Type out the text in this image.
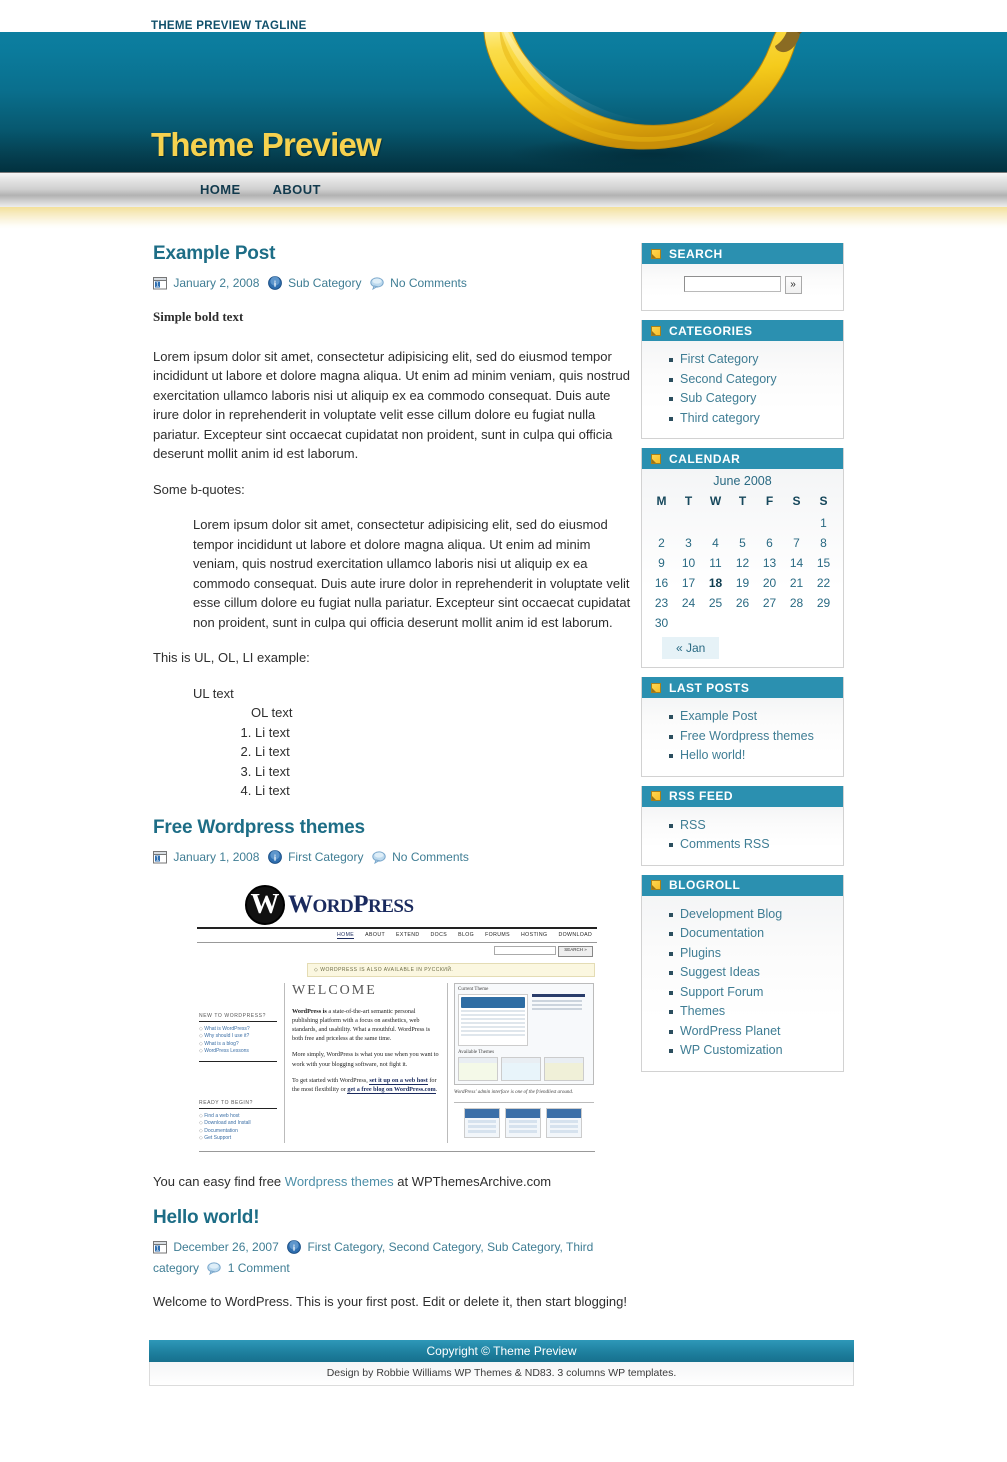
THEME PREVIEW TAGLINE
Theme Preview
HOME	ABOUT
Example Post
1 January 2, 2008 i Sub Category No Comments

Simple bold text

Lorem ipsum dolor sit amet, consectetur adipisicing elit, sed do eiusmod tempor incididunt ut labore et dolore magna aliqua. Ut enim ad minim veniam, quis nostrud exercitation ullamco laboris nisi ut aliquip ex ea commodo consequat. Duis aute irure dolor in reprehenderit in voluptate velit esse cillum dolore eu fugiat nulla pariatur. Excepteur sint occaecat cupidatat non proident, sunt in culpa qui officia deserunt mollit anim id est laborum.

Some b-quotes:

Lorem ipsum dolor sit amet, consectetur adipisicing elit, sed do eiusmod tempor incididunt ut labore et dolore magna aliqua. Ut enim ad minim veniam, quis nostrud exercitation ullamco laboris nisi ut aliquip ex ea commodo consequat. Duis aute irure dolor in reprehenderit in voluptate velit esse cillum dolore eu fugiat nulla pariatur. Excepteur sint occaecat cupidatat non proident, sunt in culpa qui officia deserunt mollit anim id est laborum.

This is UL, OL, LI example:

UL text
OL text
1. Li text
2. Li text
3. Li text
4. Li text
Free Wordpress themes
1 January 1, 2008 i First Category No Comments
W WORDPRESS
HOME ABOUT EXTEND DOCS BLOG FORUMS HOSTING DOWNLOAD
SEARCH »
◇ WORDPRESS IS ALSO AVAILABLE IN РУССКИЙ.
NEW TO WORDPRESS?
◇ What is WordPress?
◇ Why should I use it?
◇ What is a blog?
◇ WordPress Lessons
READY TO BEGIN?
◇ Find a web host
◇ Download and Install
◇ Documentation
◇ Get Support
WELCOME
WordPress is a state-of-the-art semantic personal publishing platform with a focus on aesthetics, web standards, and usability. What a mouthful. WordPress is both free and priceless at the same time.
More simply, WordPress is what you use when you want to work with your blogging software, not fight it.
To get started with WordPress, set it up on a web host for the most flexibility or get a free blog on WordPress.com.
Current Theme
Available Themes
WordPress' admin interface is one of the friendliest around.

You can easy find free Wordpress themes at WPThemesArchive.com

Hello world!
1 December 26, 2007 i First Category, Second Category, Sub Category, Third category 1 Comment

Welcome to WordPress. This is your first post. Edit or delete it, then start blogging!

SEARCH
»
CATEGORIES
First Category
Second Category
Sub Category
Third category
CALENDAR
June 2008
M	T	W	T	F	S	S
						1
2	3	4	5	6	7	8
9	10	11	12	13	14	15
16	17	18	19	20	21	22
23	24	25	26	27	28	29
30						
« Jan
LAST POSTS
Example Post
Free Wordpress themes
Hello world!
RSS FEED
RSS
Comments RSS
BLOGROLL
Development Blog
Documentation
Plugins
Suggest Ideas
Support Forum
Themes
WordPress Planet
WP Customization
Copyright © Theme Preview
Design by Robbie Williams WP Themes & ND83. 3 columns WP templates.
